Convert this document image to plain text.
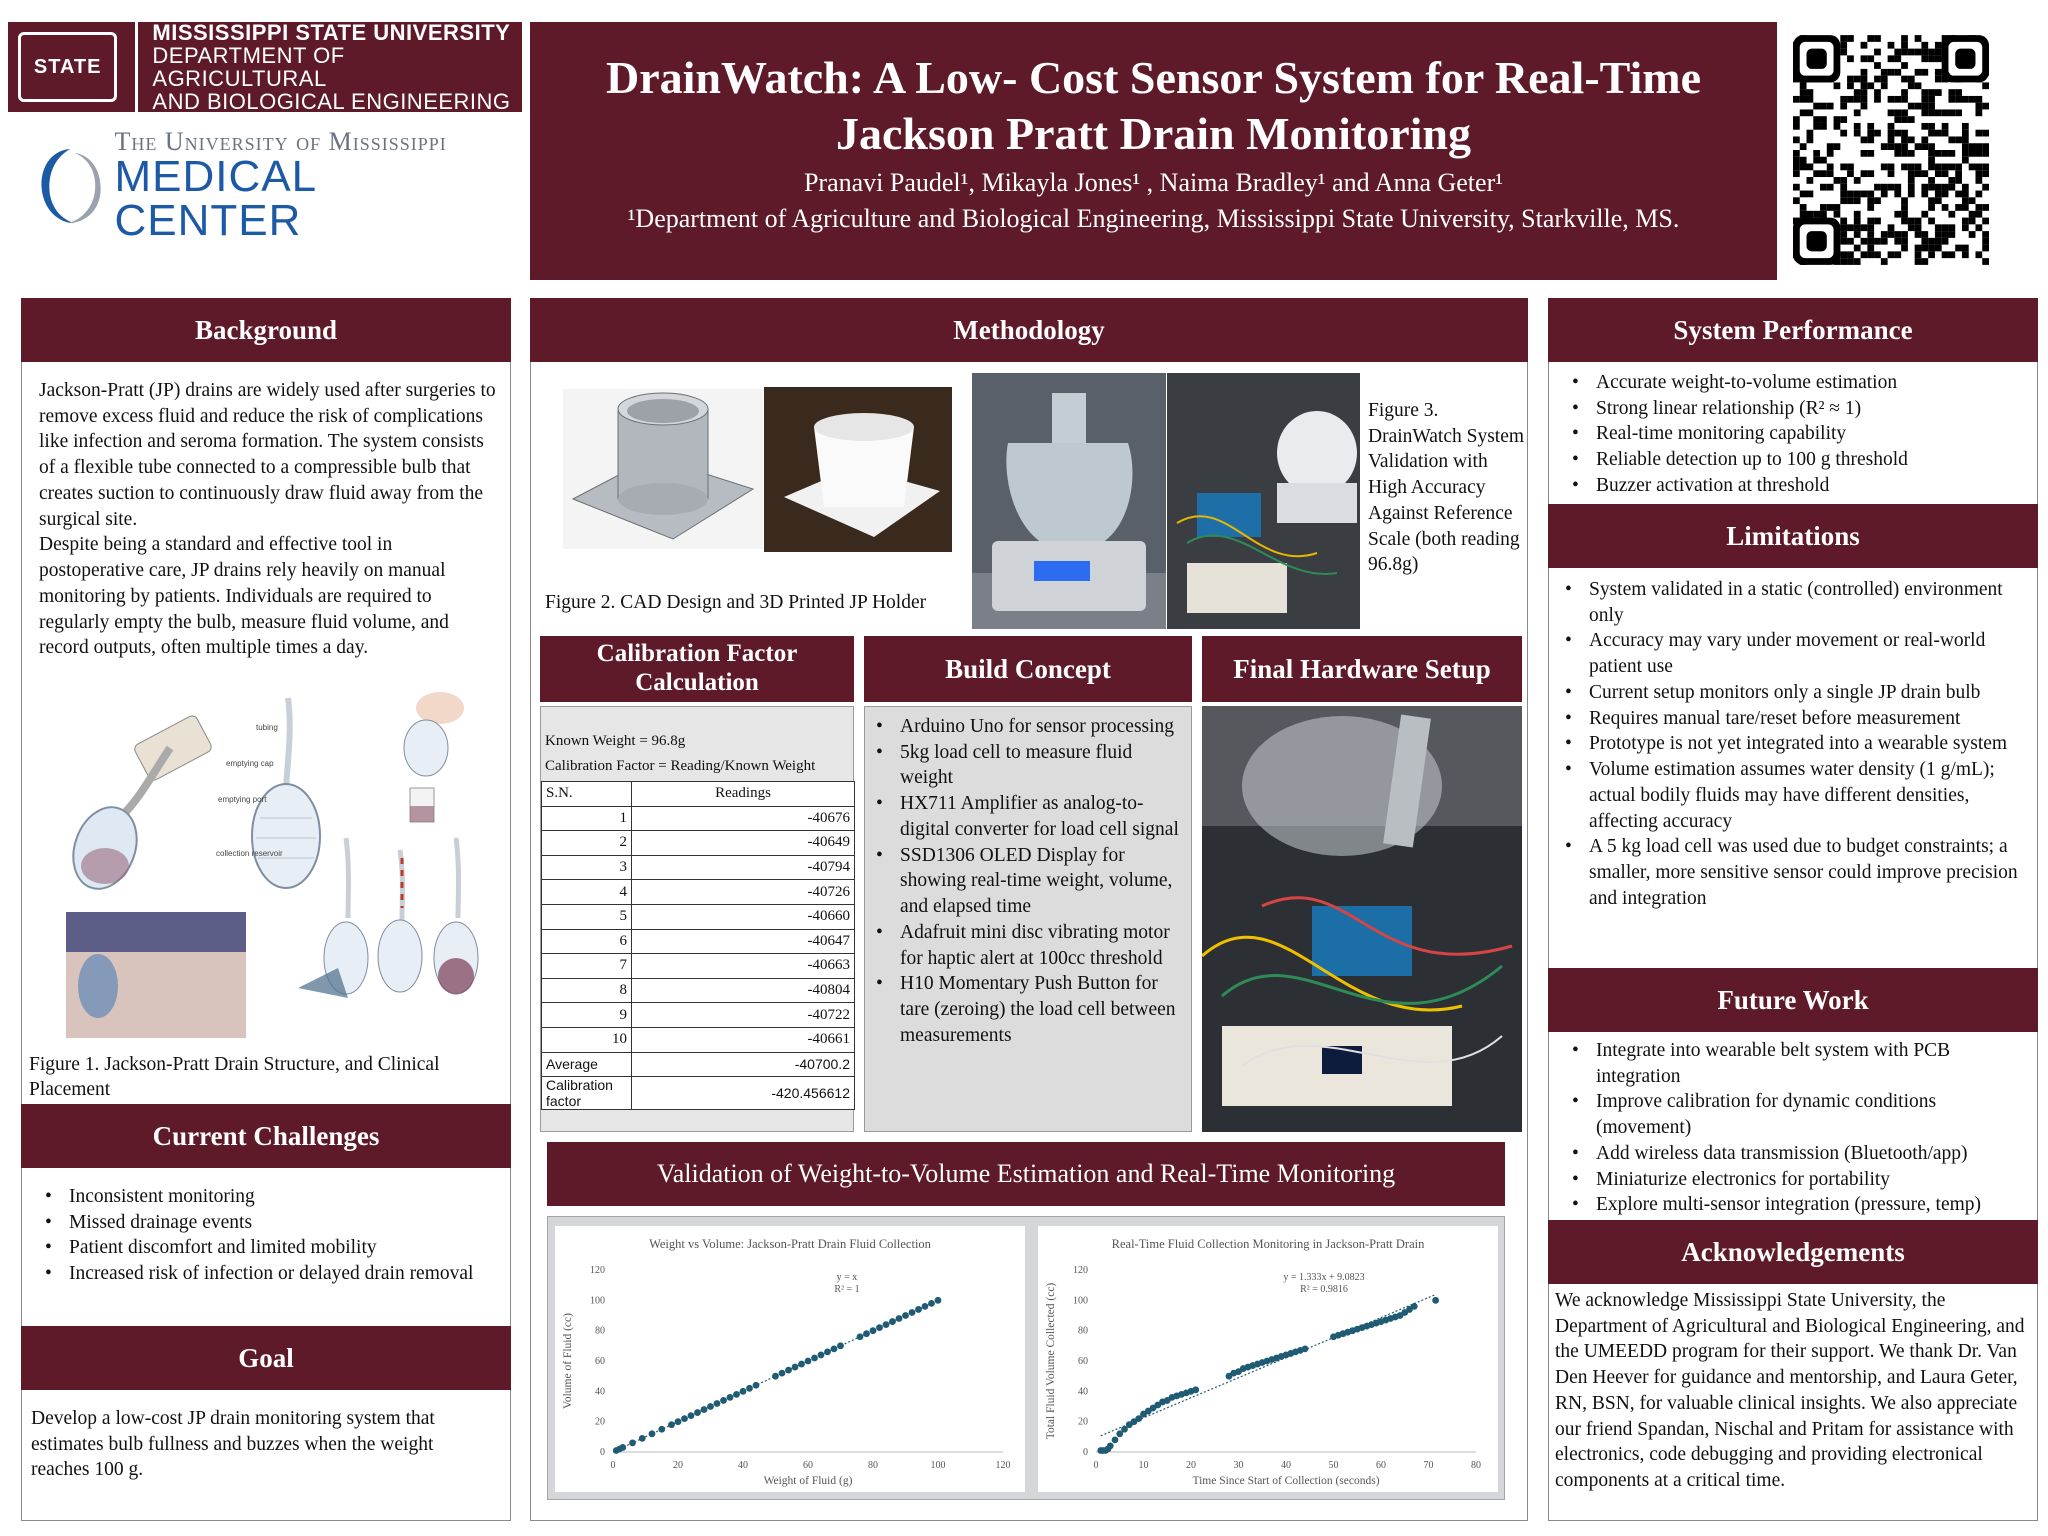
STATE
MISSISSIPPI STATE UNIVERSITY
DEPARTMENT OF AGRICULTURAL
AND BIOLOGICAL ENGINEERING
The University of Mississippi
MEDICAL CENTER
DrainWatch: A Low- Cost Sensor System for Real-Time Jackson Pratt Drain Monitoring
Pranavi Paudel¹, Mikayla Jones¹ , Naima Bradley¹ and Anna Geter¹
¹Department of Agriculture and Biological Engineering, Mississippi State University, Starkville, MS.
Background
Jackson-Pratt (JP) drains are widely used after surgeries to remove excess fluid and reduce the risk of complications like infection and seroma formation. The system consists of a flexible tube connected to a compressible bulb that creates suction to continuously draw fluid away from the surgical site.
Despite being a standard and effective tool in postoperative care, JP drains rely heavily on manual monitoring by patients. Individuals are required to regularly empty the bulb, measure fluid volume, and record outputs, often multiple times a day.
tubing
emptying cap
emptying port
collection reservoir
Figure 1. Jackson-Pratt Drain Structure, and Clinical Placement
Current Challenges
• Inconsistent monitoring
• Missed drainage events
• Patient discomfort and limited mobility
• Increased risk of infection or delayed drain removal
Goal
Develop a low-cost JP drain monitoring system that estimates bulb fullness and buzzes when the weight reaches 100 g.
Methodology
Figure 2. CAD Design and 3D Printed JP Holder
Figure 3. DrainWatch System Validation with High Accuracy Against Reference Scale (both reading 96.8g)
Calibration Factor Calculation
Known Weight = 96.8g
Calibration Factor = Reading/Known Weight
S.N.	Readings
1	-40676
2	-40649
3	-40794
4	-40726
5	-40660
6	-40647
7	-40663
8	-40804
9	-40722
10	-40661
Average	-40700.2
Calibration factor	-420.456612
Build Concept
• Arduino Uno for sensor processing
• 5kg load cell to measure fluid weight
• HX711 Amplifier as analog-to-digital converter for load cell signal
• SSD1306 OLED Display for showing real-time weight, volume, and elapsed time
• Adafruit mini disc vibrating motor for haptic alert at 100cc threshold
• H10 Momentary Push Button for tare (zeroing) the load cell between measurements
Final Hardware Setup
Validation of Weight-to-Volume Estimation and Real-Time Monitoring
Weight vs Volume: Jackson-Pratt Drain Fluid Collection
0	20	40	60	80	100	120
0
20
40
60
80
100
120
Weight of Fluid (g)
Volume of Fluid (cc)
y = x
R² = 1
Real-Time Fluid Collection Monitoring in Jackson-Pratt Drain
0	10	20	30	40	50	60	70	80
0
20
40
60
80
100
120
Time Since Start of Collection (seconds)
Total Fluid Volume Collected (cc)
y = 1.333x + 9.0823
R² = 0.9816
System Performance
• Accurate weight-to-volume estimation
• Strong linear relationship (R² ≈ 1)
• Real-time monitoring capability
• Reliable detection up to 100 g threshold
• Buzzer activation at threshold
Limitations
• System validated in a static (controlled) environment only
• Accuracy may vary under movement or real-world patient use
• Current setup monitors only a single JP drain bulb
• Requires manual tare/reset before measurement
• Prototype is not yet integrated into a wearable system
• Volume estimation assumes water density (1 g/mL); actual bodily fluids may have different densities, affecting accuracy
• A 5 kg load cell was used due to budget constraints; a smaller, more sensitive sensor could improve precision and integration
Future Work
• Integrate into wearable belt system with PCB integration
• Improve calibration for dynamic conditions (movement)
• Add wireless data transmission (Bluetooth/app)
• Miniaturize electronics for portability
• Explore multi-sensor integration (pressure, temp)
Acknowledgements
We acknowledge Mississippi State University, the Department of Agricultural and Biological Engineering, and the UMEEDD program for their support. We thank Dr. Van Den Heever for guidance and mentorship, and Laura Geter, RN, BSN, for valuable clinical insights. We also appreciate our friend Spandan, Nischal and Pritam for assistance with electronics, code debugging and providing electronical components at a critical time.
